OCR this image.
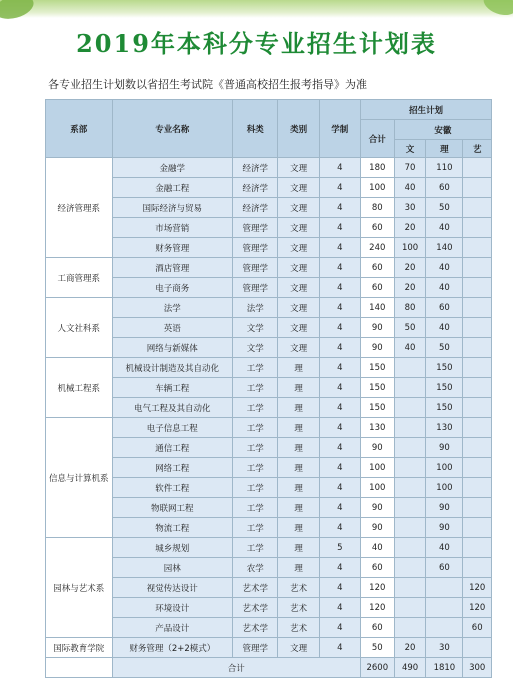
2019年本科分专业招生计划表
各专业招生计划数以省招生考试院《普通高校招生报考指导》为准
系部	专业名称	科类	类别	学制	招生计划			
					合计	安徽		
						文	理	艺
经济管理系	金融学	经济学	文理	4	180	70	110	
	金融工程	经济学	文理	4	100	40	60	
	国际经济与贸易	经济学	文理	4	80	30	50	
	市场营销	管理学	文理	4	60	20	40	
	财务管理	管理学	文理	4	240	100	140	
工商管理系	酒店管理	管理学	文理	4	60	20	40	
	电子商务	管理学	文理	4	60	20	40	
人文社科系	法学	法学	文理	4	140	80	60	
	英语	文学	文理	4	90	50	40	
	网络与新媒体	文学	文理	4	90	40	50	
机械工程系	机械设计制造及其自动化	工学	理	4	150		150	
	车辆工程	工学	理	4	150		150	
	电气工程及其自动化	工学	理	4	150		150	
信息与计算机系	电子信息工程	工学	理	4	130		130	
	通信工程	工学	理	4	90		90	
	网络工程	工学	理	4	100		100	
	软件工程	工学	理	4	100		100	
	物联网工程	工学	理	4	90		90	
	物流工程	工学	理	4	90		90	
园林与艺术系	城乡规划	工学	理	5	40		40	
	园林	农学	理	4	60		60	
	视觉传达设计	艺术学	艺术	4	120			120
	环境设计	艺术学	艺术	4	120			120
	产品设计	艺术学	艺术	4	60			60
国际教育学院	财务管理（2+2模式）	管理学	文理	4	50	20	30	
	合计				2600	490	1810	300
